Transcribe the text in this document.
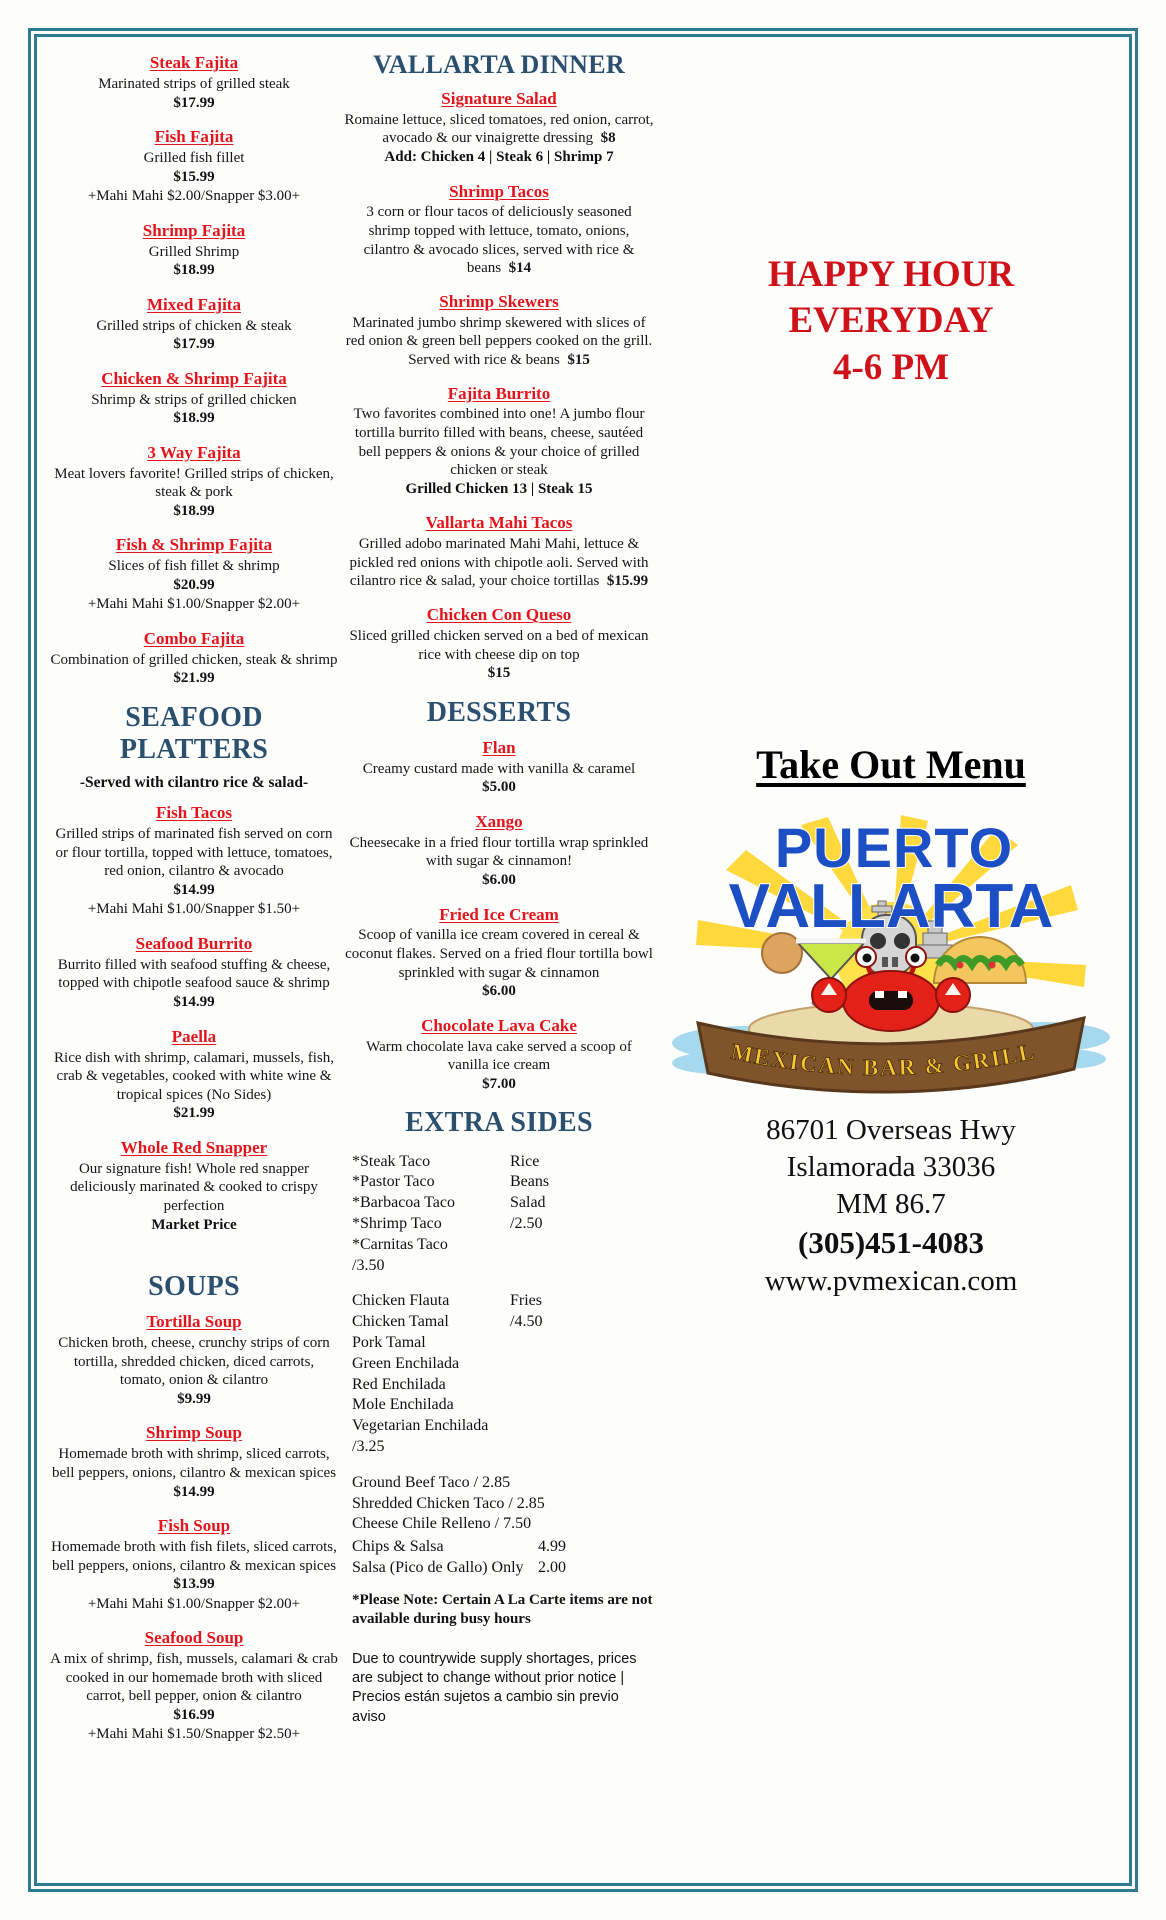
Steak Fajita
Marinated strips of grilled steak
$17.99
Fish Fajita
Grilled fish fillet
$15.99
+Mahi Mahi $2.00/Snapper $3.00+
Shrimp Fajita
Grilled Shrimp
$18.99
Mixed Fajita
Grilled strips of chicken & steak
$17.99
Chicken & Shrimp Fajita
Shrimp & strips of grilled chicken
$18.99
3 Way Fajita
Meat lovers favorite! Grilled strips of chicken, steak & pork
$18.99
Fish & Shrimp Fajita
Slices of fish fillet & shrimp
$20.99
+Mahi Mahi $1.00/Snapper $2.00+
Combo Fajita
Combination of grilled chicken, steak & shrimp
$21.99
SEAFOOD PLATTERS
-Served with cilantro rice & salad-
Fish Tacos
Grilled strips of marinated fish served on corn or flour tortilla, topped with lettuce, tomatoes, red onion, cilantro & avocado
$14.99
+Mahi Mahi $1.00/Snapper $1.50+
Seafood Burrito
Burrito filled with seafood stuffing & cheese, topped with chipotle seafood sauce & shrimp
$14.99
Paella
Rice dish with shrimp, calamari, mussels, fish, crab & vegetables, cooked with white wine & tropical spices (No Sides)
$21.99
Whole Red Snapper
Our signature fish! Whole red snapper deliciously marinated & cooked to crispy perfection
Market Price
SOUPS
Tortilla Soup
Chicken broth, cheese, crunchy strips of corn tortilla, shredded chicken, diced carrots, tomato, onion & cilantro
$9.99
Shrimp Soup
Homemade broth with shrimp, sliced carrots, bell peppers, onions, cilantro & mexican spices
$14.99
Fish Soup
Homemade broth with fish filets, sliced carrots, bell peppers, onions, cilantro & mexican spices
$13.99
+Mahi Mahi $1.00/Snapper $2.00+
Seafood Soup
A mix of shrimp, fish, mussels, calamari & crab cooked in our homemade broth with sliced carrot, bell pepper, onion & cilantro
$16.99
+Mahi Mahi $1.50/Snapper $2.50+
VALLARTA DINNER
Signature Salad
Romaine lettuce, sliced tomatoes, red onion, carrot, avocado & our vinaigrette dressing $8
Add: Chicken 4 | Steak 6 | Shrimp 7
Shrimp Tacos
3 corn or flour tacos of deliciously seasoned shrimp topped with lettuce, tomato, onions, cilantro & avocado slices, served with rice & beans $14
Shrimp Skewers
Marinated jumbo shrimp skewered with slices of red onion & green bell peppers cooked on the grill. Served with rice & beans $15
Fajita Burrito
Two favorites combined into one! A jumbo flour tortilla burrito filled with beans, cheese, sautéed bell peppers & onions & your choice of grilled chicken or steak
Grilled Chicken 13 | Steak 15
Vallarta Mahi Tacos
Grilled adobo marinated Mahi Mahi, lettuce & pickled red onions with chipotle aoli. Served with cilantro rice & salad, your choice tortillas $15.99
Chicken Con Queso
Sliced grilled chicken served on a bed of mexican rice with cheese dip on top
$15
DESSERTS
Flan
Creamy custard made with vanilla & caramel
$5.00
Xango
Cheesecake in a fried flour tortilla wrap sprinkled with sugar & cinnamon!
$6.00
Fried Ice Cream
Scoop of vanilla ice cream covered in cereal & coconut flakes. Served on a fried flour tortilla bowl sprinkled with sugar & cinnamon
$6.00
Chocolate Lava Cake
Warm chocolate lava cake served a scoop of vanilla ice cream
$7.00
EXTRA SIDES
*Steak Taco
*Pastor Taco
*Barbacoa Taco
*Shrimp Taco
*Carnitas Taco
/3.50
Rice
Beans
Salad
/2.50
Chicken Flauta
Chicken Tamal
Pork Tamal
Green Enchilada
Red Enchilada
Mole Enchilada
Vegetarian Enchilada
/3.25
Fries
/4.50
Ground Beef Taco / 2.85
Shredded Chicken Taco / 2.85
Cheese Chile Relleno / 7.50
Chips & Salsa	4.99
Salsa (Pico de Gallo) Only 2.00

*Please Note: Certain A La Carte items are not available during busy hours

Due to countrywide supply shortages, prices are subject to change without prior notice | Precios están sujetos a cambio sin previo aviso

HAPPY HOUR
EVERYDAY
4-6 PM
Take Out Menu
MEXICAN BAR & GRILL
PUERTO
VALLARTA
86701 Overseas Hwy
Islamorada 33036
MM 86.7
(305)451-4083
www.pvmexican.com
